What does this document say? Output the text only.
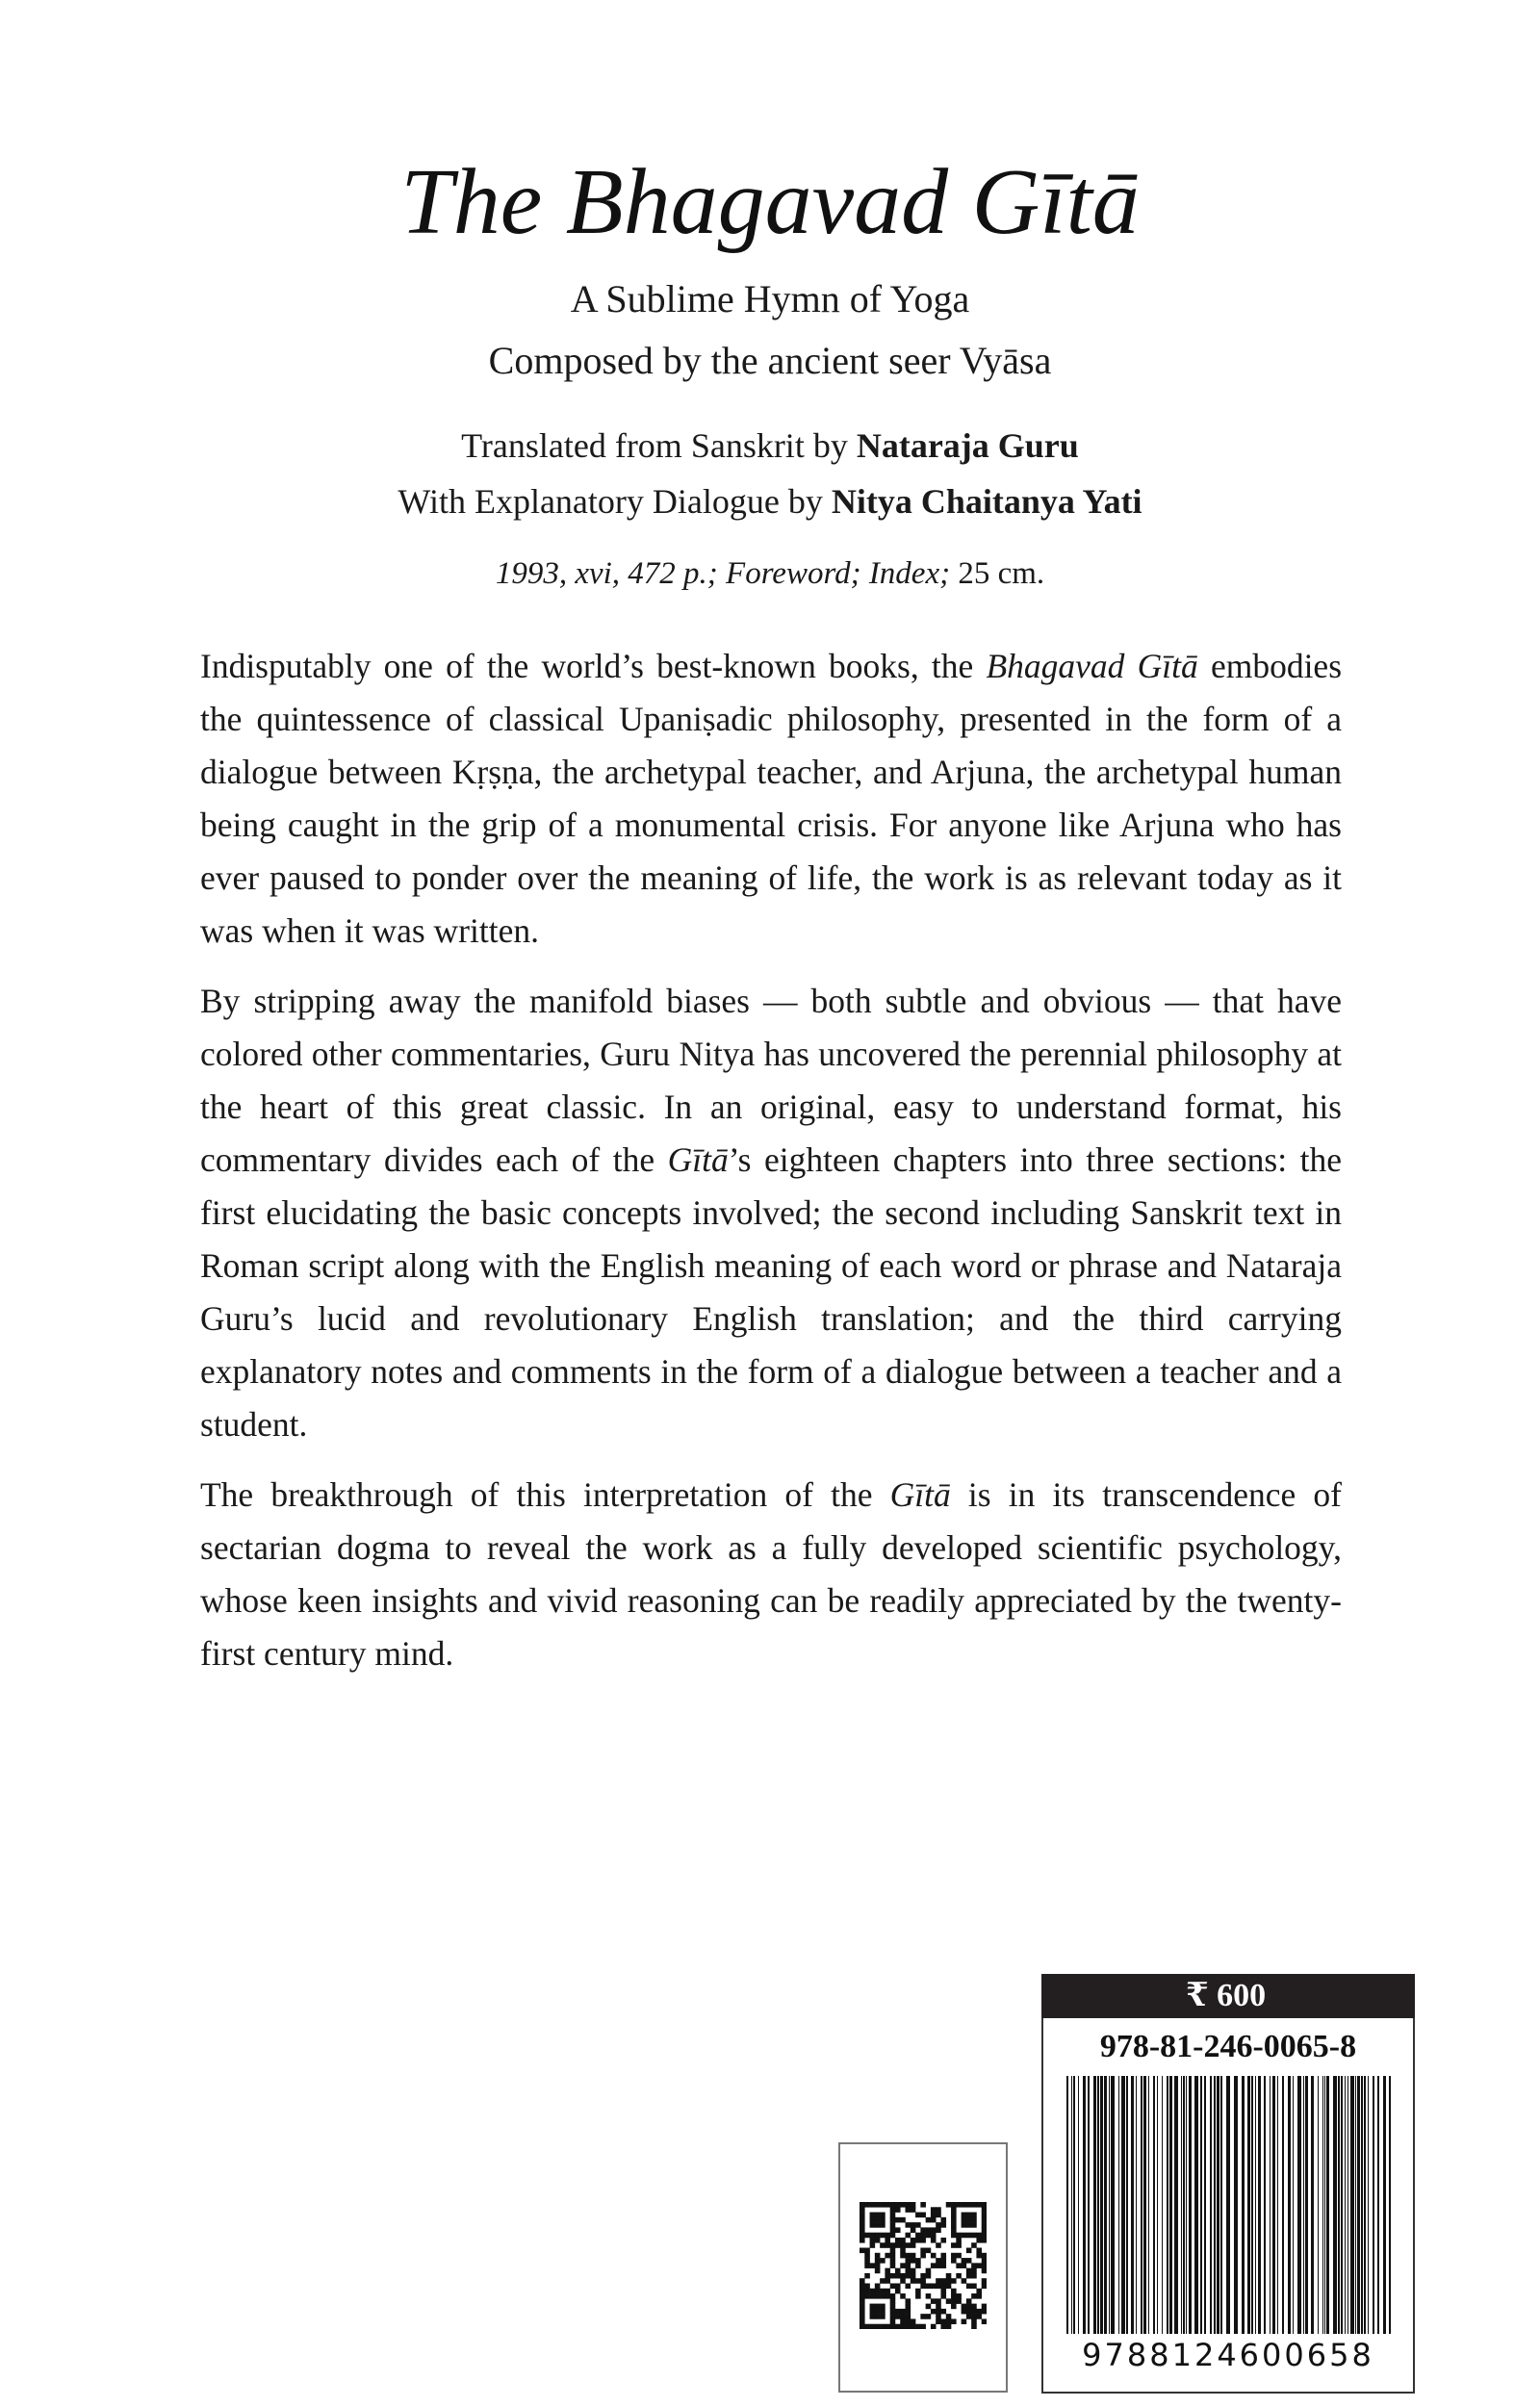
The Bhagavad Gītā
A Sublime Hymn of Yoga
Composed by the ancient seer Vyāsa
Translated from Sanskrit by Nataraja Guru
With Explanatory Dialogue by Nitya Chaitanya Yati
1993, xvi, 472 p.; Foreword; Index; 25 cm.

Indisputably one of the world’s best-known books, the Bhagavad Gītā embodies the quintessence of classical Upaniṣadic philosophy, presented in the form of a dialogue between Kṛṣṇa, the archetypal teacher, and Arjuna, the archetypal human being caught in the grip of a monumental crisis. For anyone like Arjuna who has ever paused to ponder over the meaning of life, the work is as relevant today as it was when it was written.

By stripping away the manifold biases — both subtle and obvious — that have colored other commentaries, Guru Nitya has uncovered the perennial philosophy at the heart of this great classic. In an original, easy to understand format, his commentary divides each of the Gītā’s eighteen chapters into three sections: the first elucidating the basic concepts involved; the second including Sanskrit text in Roman script along with the English meaning of each word or phrase and Nataraja Guru’s lucid and revolutionary English translation; and the third carrying explanatory notes and comments in the form of a dialogue between a teacher and a student.

The breakthrough of this interpretation of the Gītā is in its transcendence of sectarian dogma to reveal the work as a fully developed scientific psychology, whose keen insights and vivid reasoning can be readily appreciated by the twenty-first century mind.

₹ 600
978-81-246-0065-8
9788124600658
